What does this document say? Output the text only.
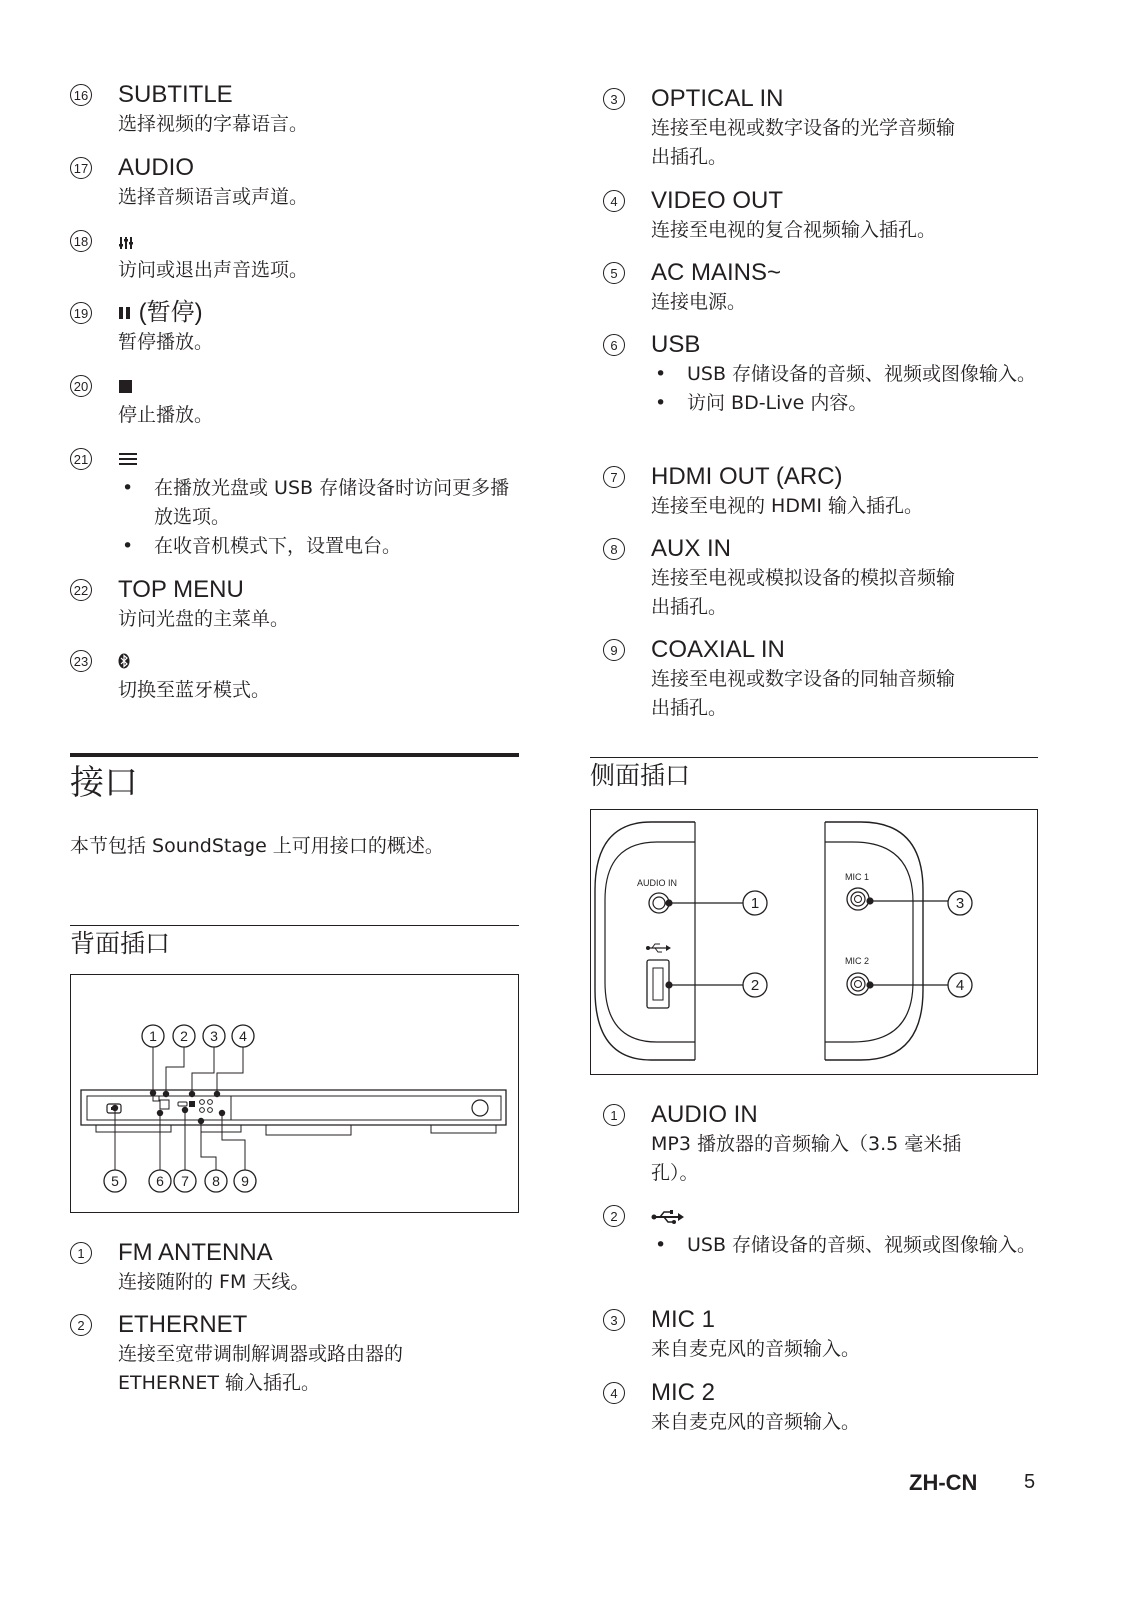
16 SUBTITLE
选择视频的字幕语言。
17 AUDIO
选择音频语言或声道。
18
访问或退出声音选项。
19	(暂停)
暂停播放。
20
停止播放。
21
• 在播放光盘或 USB 存储设备时访问更多播放选项。
• 在收音机模式下，设置电台。
22 TOP MENU
访问光盘的主菜单。
23
切换至蓝牙模式。
接口
本节包括 SoundStage 上可用接口的概述。
背面插口
1 2 3 4
5	6 7 8 9
1	FM ANTENNA
连接随附的 FM 天线。
2	ETHERNET
连接至宽带调制解调器或路由器的
ETHERNET 输入插孔。
3	OPTICAL IN
连接至电视或数字设备的光学音频输
出插孔。
4	VIDEO OUT
连接至电视的复合视频输入插孔。
5	AC MAINS~
连接电源。
6	USB
• USB 存储设备的音频、视频或图像输入。
• 访问 BD-Live 内容。
7	HDMI OUT (ARC)
连接至电视的 HDMI 输入插孔。
8	AUX IN
连接至电视或模拟设备的模拟音频输
出插孔。
9	COAXIAL IN
连接至电视或数字设备的同轴音频输
出插孔。
侧面插口
AUDIO IN
MIC 1
MIC 2
1
2
3
4
1	AUDIO IN
MP3 播放器的音频输入（3.5 毫米插
孔）。
2
• USB 存储设备的音频、视频或图像输入。
3	MIC 1
来自麦克风的音频输入。
4	MIC 2
来自麦克风的音频输入。
ZH-CN 5
